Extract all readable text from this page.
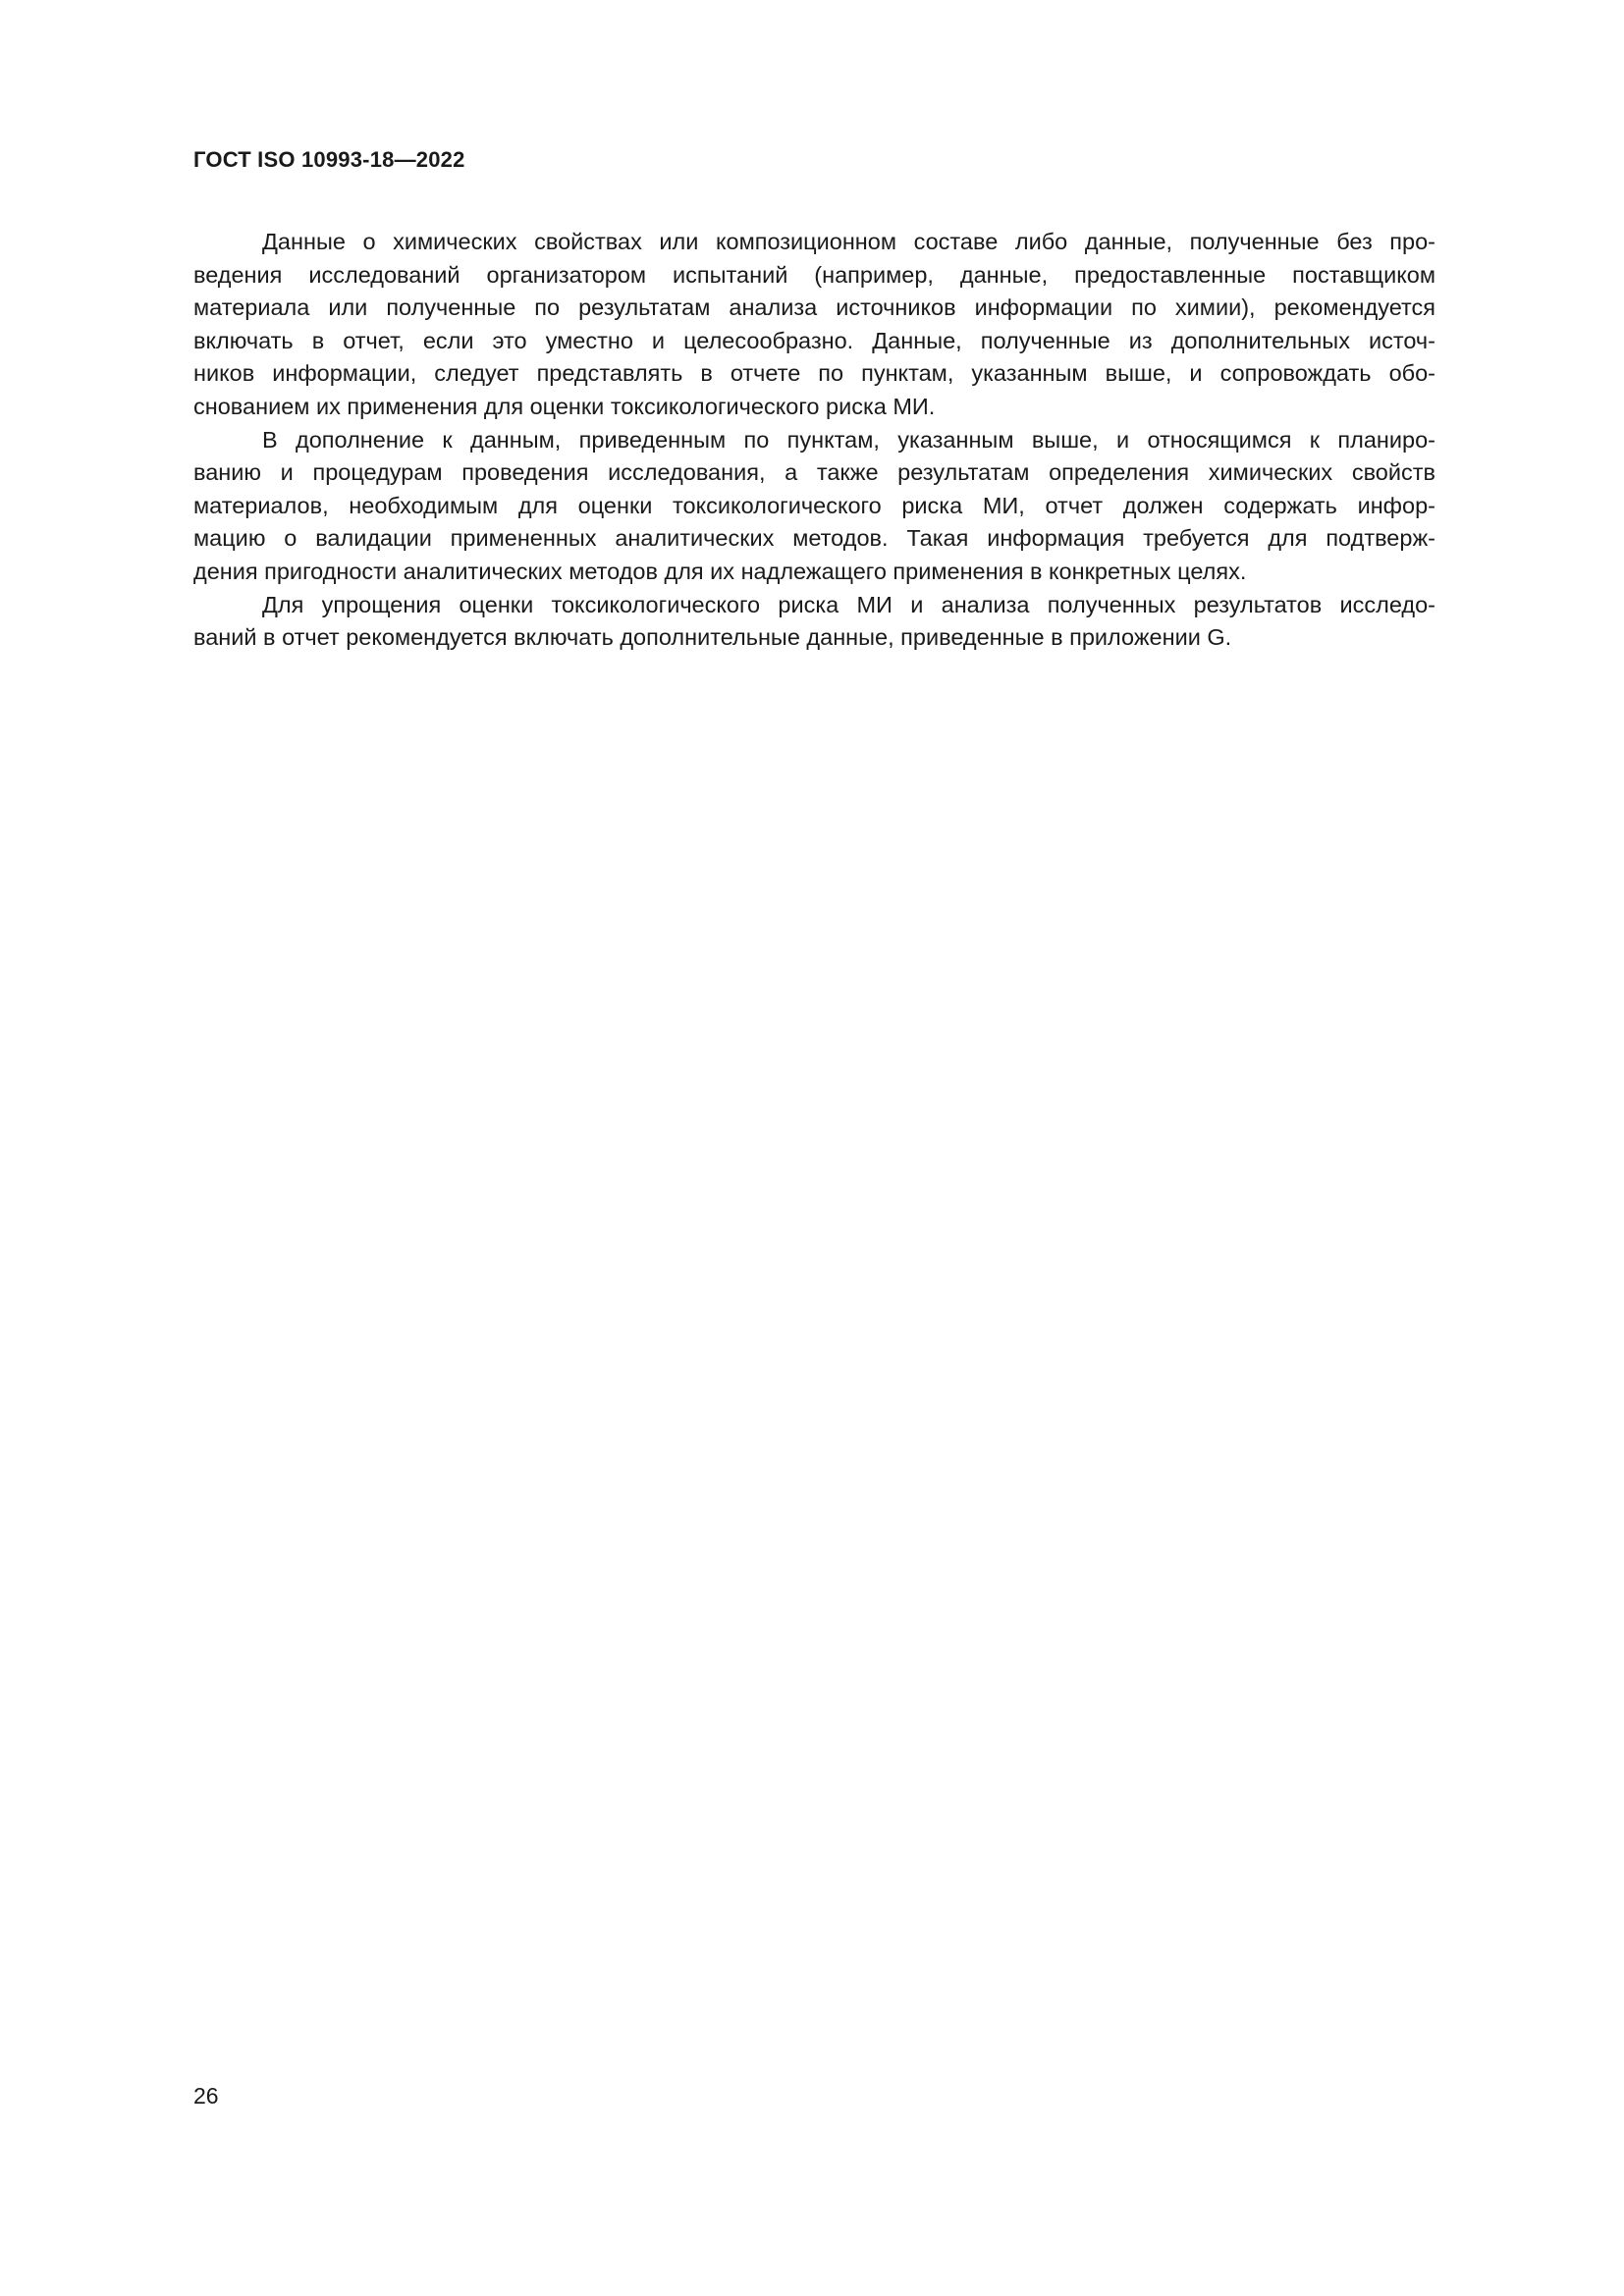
ГОСТ ISO 10993-18—2022
Данные о химических свойствах или композиционном составе либо данные, полученные без про-
ведения исследований организатором испытаний (например, данные, предоставленные поставщиком
материала или полученные по результатам анализа источников информации по химии), рекомендуется
включать в отчет, если это уместно и целесообразно. Данные, полученные из дополнительных источ-
ников информации, следует представлять в отчете по пунктам, указанным выше, и сопровождать обо-
снованием их применения для оценки токсикологического риска МИ.
В дополнение к данным, приведенным по пунктам, указанным выше, и относящимся к планиро-
ванию и процедурам проведения исследования, а также результатам определения химических свойств
материалов, необходимым для оценки токсикологического риска МИ, отчет должен содержать инфор-
мацию о валидации примененных аналитических методов. Такая информация требуется для подтверж-
дения пригодности аналитических методов для их надлежащего применения в конкретных целях.
Для упрощения оценки токсикологического риска МИ и анализа полученных результатов исследо-
ваний в отчет рекомендуется включать дополнительные данные, приведенные в приложении G.
26
